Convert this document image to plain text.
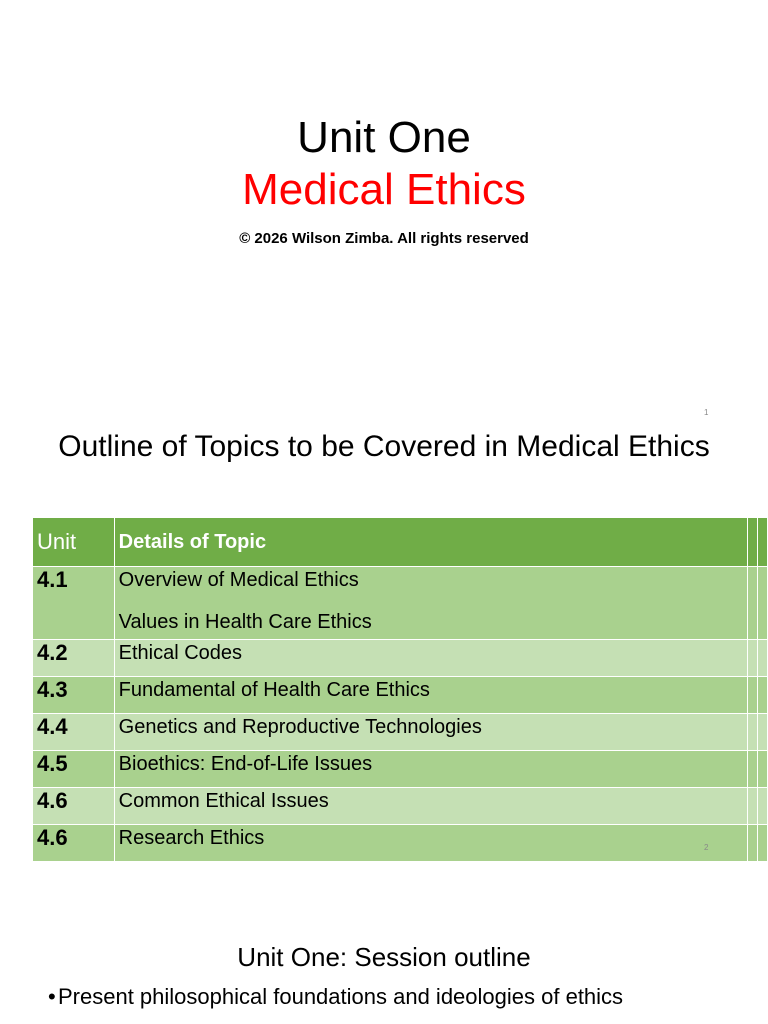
Unit One
Medical Ethics
© 2026 Wilson Zimba. All rights reserved
1
Outline of Topics to be Covered in Medical Ethics
Unit	Details of Topic		
4.1	Overview of Medical Ethics
Values in Health Care Ethics		

4.2	Ethical Codes		

4.3	Fundamental of Health Care Ethics		

4.4	Genetics and Reproductive Technologies		

4.5	Bioethics: End-of-Life Issues		

4.6	Common Ethical Issues		

4.6	Research Ethics		
			2
Unit One: Session outline
• Present philosophical foundations and ideologies of ethics
